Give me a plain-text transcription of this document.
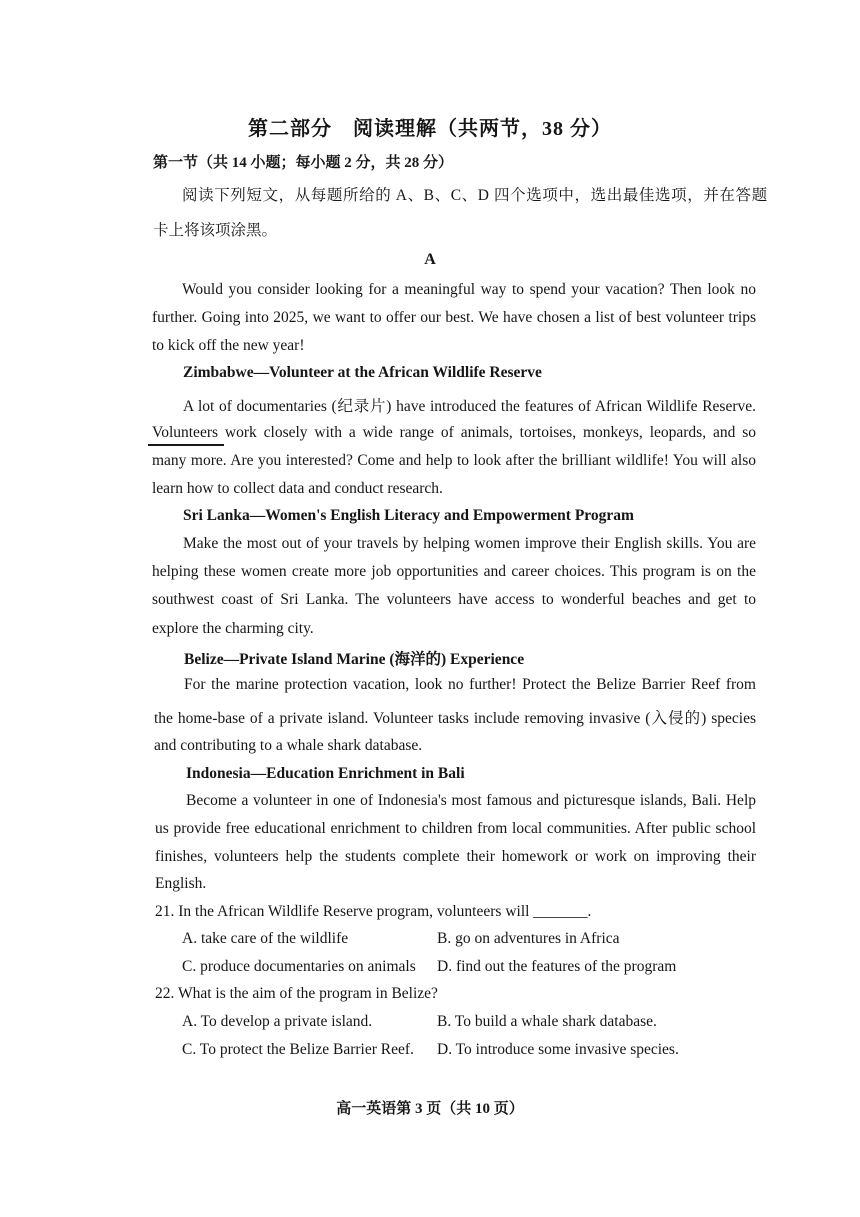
第二部分　阅读理解（共两节，38 分）
第一节（共 14 小题；每小题 2 分，共 28 分）
阅读下列短文，从每题所给的 A、B、C、D 四个选项中，选出最佳选项，并在答题
卡上将该项涂黑。
A
Would you consider looking for a meaningful way to spend your vacation? Then look no
further. Going into 2025, we want to offer our best. We have chosen a list of best volunteer trips
to kick off the new year!
Zimbabwe—Volunteer at the African Wildlife Reserve
A lot of documentaries (纪录片) have introduced the features of African Wildlife Reserve.
Volunteers work closely with a wide range of animals, tortoises, monkeys, leopards, and so
many more. Are you interested? Come and help to look after the brilliant wildlife! You will also
learn how to collect data and conduct research.
Sri Lanka—Women's English Literacy and Empowerment Program
Make the most out of your travels by helping women improve their English skills. You are
helping these women create more job opportunities and career choices. This program is on the
southwest coast of Sri Lanka. The volunteers have access to wonderful beaches and get to
explore the charming city.
Belize—Private Island Marine (海洋的) Experience
For the marine protection vacation, look no further! Protect the Belize Barrier Reef from
the home-base of a private island. Volunteer tasks include removing invasive (入侵的) species
and contributing to a whale shark database.
Indonesia—Education Enrichment in Bali
Become a volunteer in one of Indonesia's most famous and picturesque islands, Bali. Help
us provide free educational enrichment to children from local communities. After public school
finishes, volunteers help the students complete their homework or work on improving their
English.
21. In the African Wildlife Reserve program, volunteers will _______.
A. take care of the wildlife	B. go on adventures in Africa
C. produce documentaries on animals D. find out the features of the program
22. What is the aim of the program in Belize?
A. To develop a private island.	B. To build a whale shark database.
C. To protect the Belize Barrier Reef. D. To introduce some invasive species.
高一英语第 3 页（共 10 页）
